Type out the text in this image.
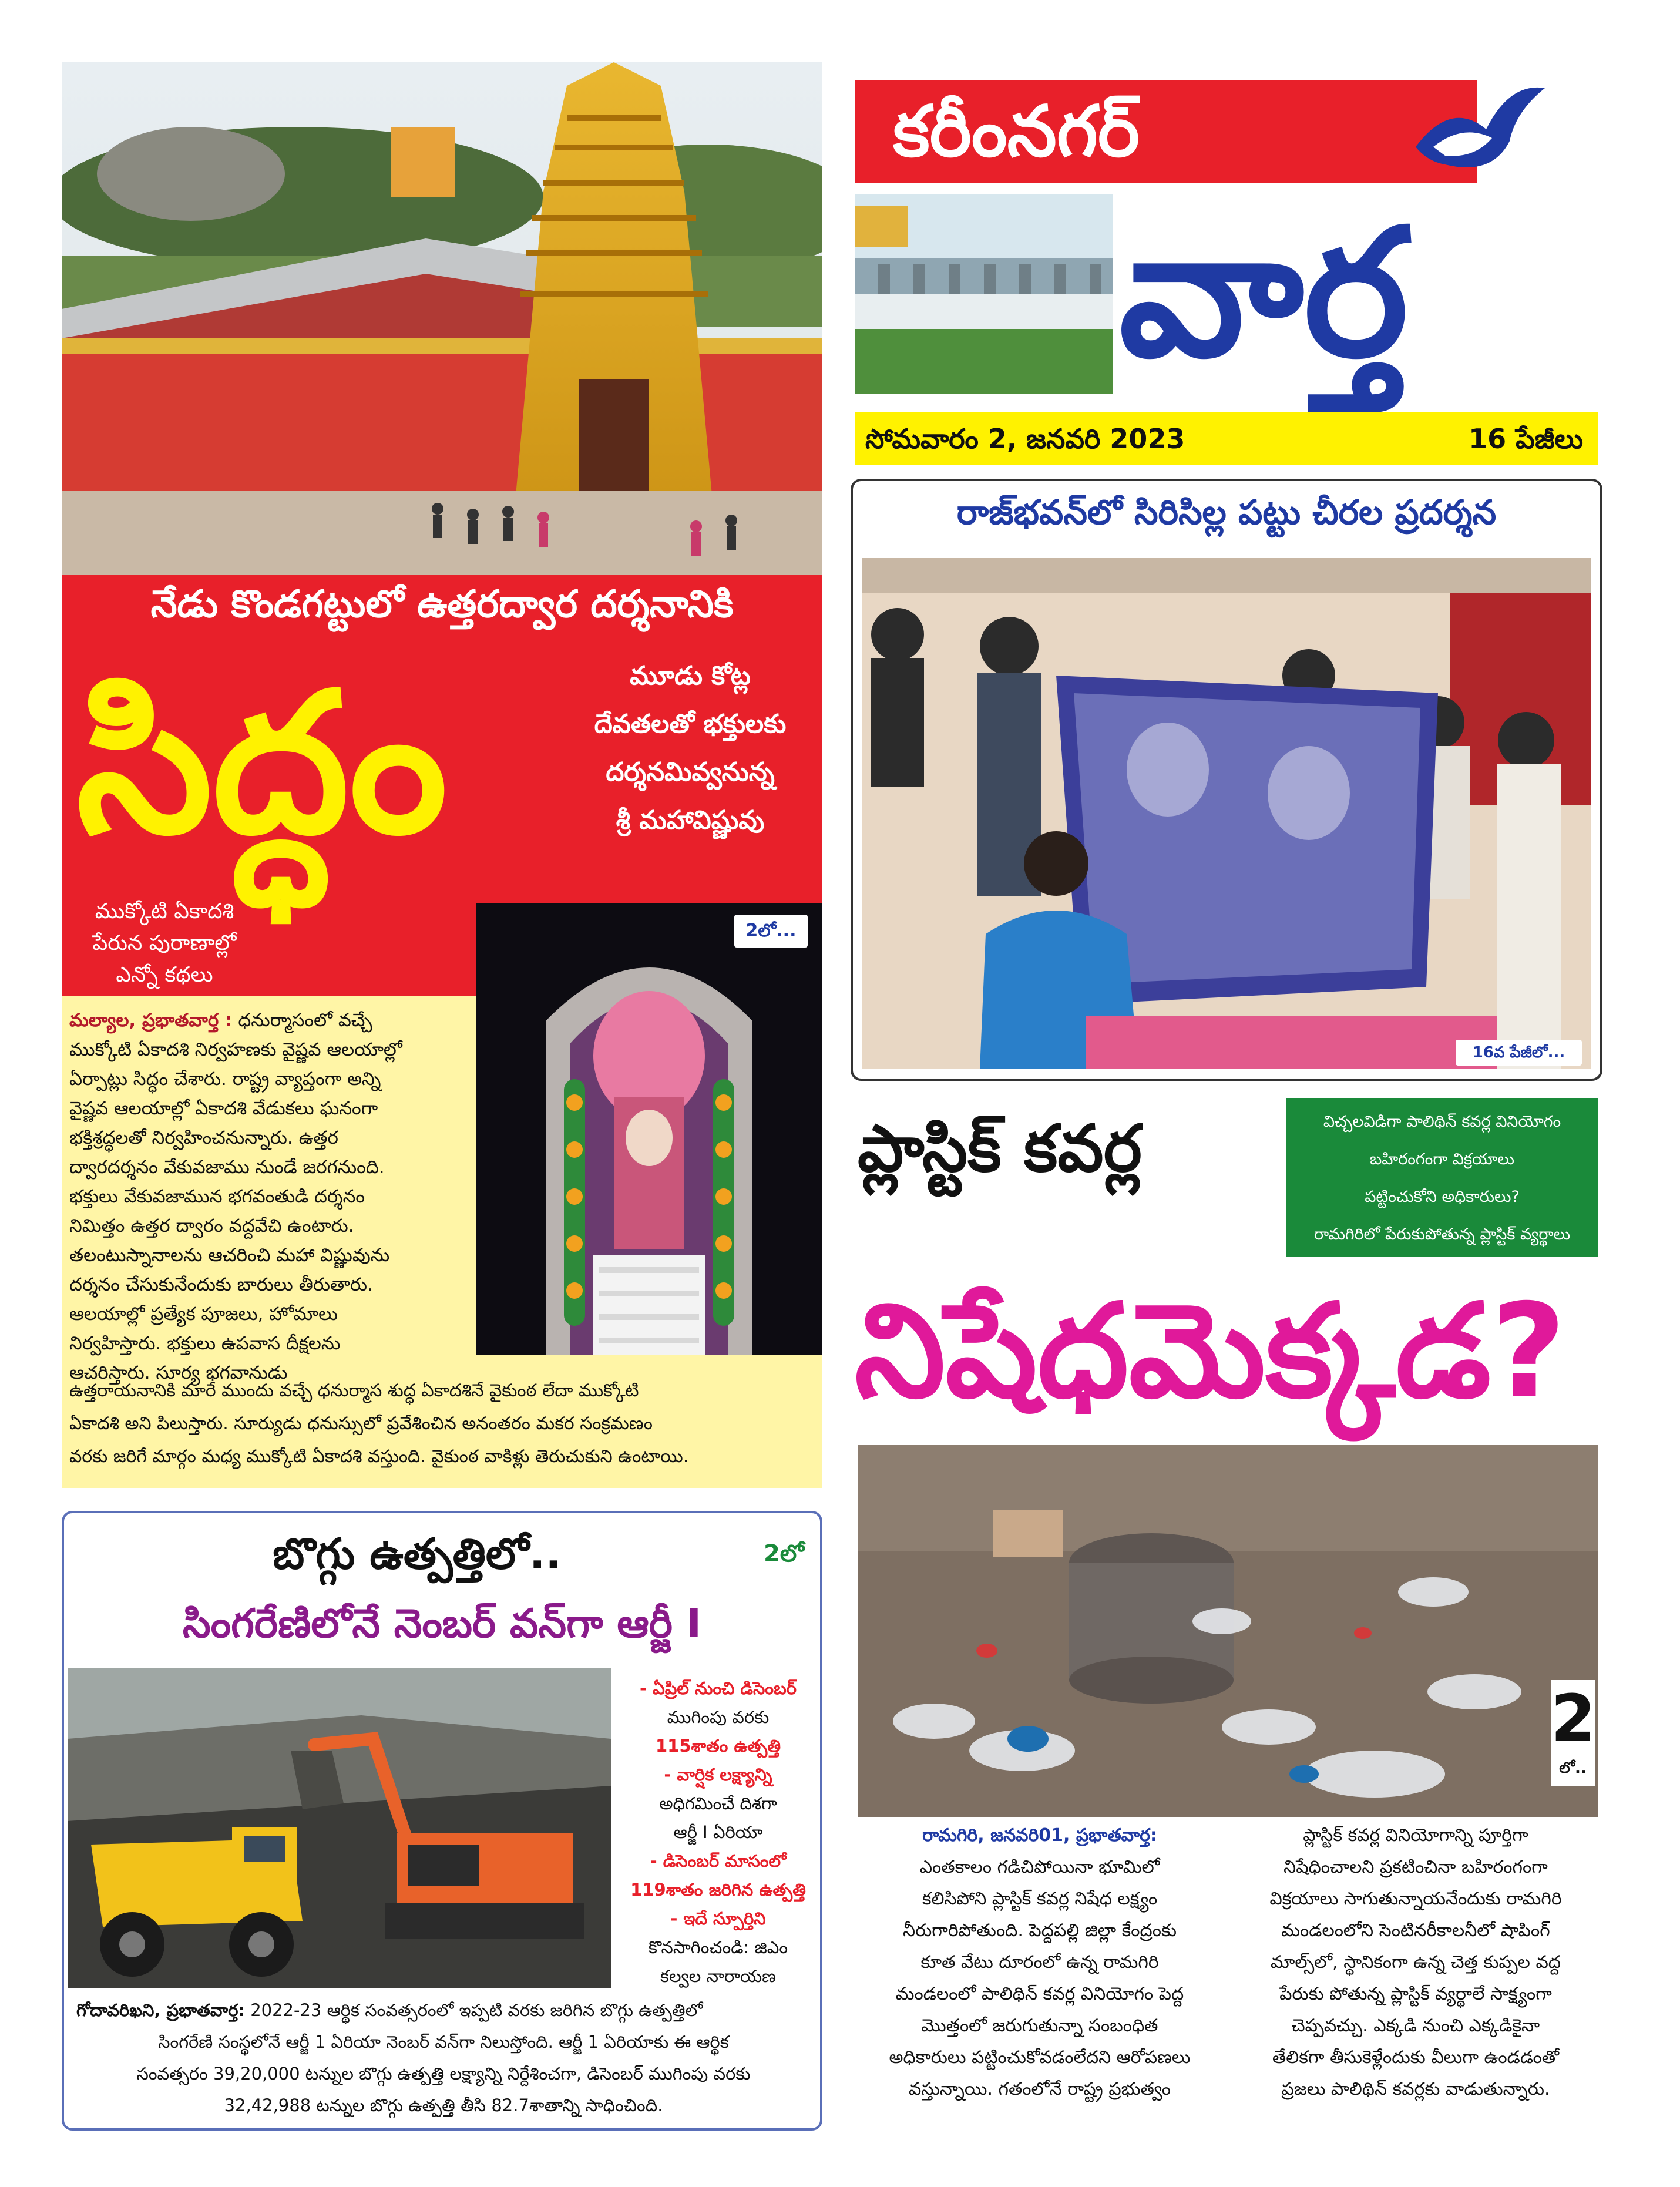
నేడు కొండగట్టులో ఉత్తరద్వార దర్శనానికి
సిద్ధం	మూడు కోట్ల
దేవతలతో భక్తులకు
దర్శనమివ్వనున్న
శ్రీ మహావిష్ణువు
ముక్కోటి ఏకాదశి
పేరున పురాణాల్లో
ఎన్నో కథలు
2లో...
మల్యాల, ప్రభాతవార్త : ధనుర్మాసంలో వచ్చే
ముక్కోటి ఏకాదశి నిర్వహణకు వైష్ణవ ఆలయాల్లో
ఏర్పాట్లు సిద్ధం చేశారు. రాష్ట్ర వ్యాప్తంగా అన్ని
వైష్ణవ ఆలయాల్లో ఏకాదశి వేడుకలు ఘనంగా
భక్తిశ్రద్ధలతో నిర్వహించనున్నారు. ఉత్తర
ద్వారదర్శనం వేకువజాము నుండే జరగనుంది.
భక్తులు వేకువజామున భగవంతుడి దర్శనం
నిమిత్తం ఉత్తర ద్వారం వద్దవేచి ఉంటారు.
తలంటుస్నానాలను ఆచరించి మహా విష్ణువును
దర్శనం చేసుకునేందుకు బారులు తీరుతారు.
ఆలయాల్లో ప్రత్యేక పూజలు, హోమాలు
నిర్వహిస్తారు. భక్తులు ఉపవాస దీక్షలను
ఆచరిస్తారు. సూర్య భగవానుడు
ఉత్తరాయనానికి మారే ముందు వచ్చే ధనుర్మాస శుద్ధ ఏకాదశినే వైకుంఠ లేదా ముక్కోటి
ఏకాదశి అని పిలుస్తారు. సూర్యుడు ధనుస్సులో ప్రవేశించిన అనంతరం మకర సంక్రమణం
వరకు జరిగే మార్గం మధ్య ముక్కోటి ఏకాదశి వస్తుంది. వైకుంఠ వాకిళ్లు తెరుచుకుని ఉంటాయి.
కరీంనగర్
వార్త
సోమవారం 2, జనవరి 2023	16 పేజీలు
రాజ్‌భవన్‌లో సిరిసిల్ల పట్టు చీరల ప్రదర్శన
16వ పేజీలో...
ప్లాస్టిక్ కవర్ల	విచ్చలవిడిగా పాలిథిన్ కవర్ల వినియోగం
బహిరంగంగా విక్రయాలు
పట్టించుకోని అధికారులు?
రామగిరిలో పేరుకుపోతున్న ప్లాస్టిక్ వ్యర్థాలు
నిషేధమెక్కడ?
2
లో..
రామగిరి, జనవరి01, ప్రభాతవార్త:
ఎంతకాలం గడిచిపోయినా భూమిలో
కలిసిపోని ప్లాస్టిక్ కవర్ల నిషేధ లక్ష్యం
నీరుగారిపోతుంది. పెద్దపల్లి జిల్లా కేంద్రంకు
కూత వేటు దూరంలో ఉన్న రామగిరి
మండలంలో పాలిథిన్ కవర్ల వినియోగం పెద్ద
మొత్తంలో జరుగుతున్నా సంబంధిత
అధికారులు పట్టించుకోవడంలేదని ఆరోపణలు
వస్తున్నాయి. గతంలోనే రాష్ట్ర ప్రభుత్వం
ప్లాస్టిక్ కవర్ల వినియోగాన్ని పూర్తిగా
నిషేధించాలని ప్రకటించినా బహిరంగంగా
విక్రయాలు సాగుతున్నాయనేందుకు రామగిరి
మండలంలోని సెంటినరీకాలనీలో షాపింగ్
మాల్స్‌లో, స్థానికంగా ఉన్న చెత్త కుప్పల వద్ద
పేరుకు పోతున్న ప్లాస్టిక్ వ్యర్థాలే సాక్ష్యంగా
చెప్పవచ్చు. ఎక్కడి నుంచి ఎక్కడికైనా
తేలికగా తీసుకెళ్లేందుకు వీలుగా ఉండడంతో
ప్రజలు పాలిథిన్ కవర్లకు వాడుతున్నారు.
బొగ్గు ఉత్పత్తిలో..	2లో
సింగరేణిలోనే నెంబర్ వన్‌గా ఆర్జీ I
- ఏప్రిల్ నుంచి డిసెంబర్
ముగింపు వరకు
115శాతం ఉత్పత్తి
- వార్షిక లక్ష్యాన్ని
అధిగమించే దిశగా
ఆర్జీ I ఏరియా
- డిసెంబర్ మాసంలో
119శాతం జరిగిన ఉత్పత్తి
- ఇదే స్పూర్తిని
కొనసాగించండి: జిఎం
కల్వల నారాయణ
గోదావరిఖని, ప్రభాతవార్త: 2022-23 ఆర్థిక సంవత్సరంలో ఇప్పటి వరకు జరిగిన బొగ్గు ఉత్పత్తిలో
సింగరేణి సంస్థలోనే ఆర్జీ 1 ఏరియా నెంబర్ వన్‌గా నిలుస్తోంది. ఆర్జీ 1 ఏరియాకు ఈ ఆర్థిక
సంవత్సరం 39,20,000 టన్నుల బొగ్గు ఉత్పత్తి లక్ష్యాన్ని నిర్దేశించగా, డిసెంబర్ ముగింపు వరకు
32,42,988 టన్నుల బొగ్గు ఉత్పత్తి తీసి 82.7శాతాన్ని సాధించింది.
